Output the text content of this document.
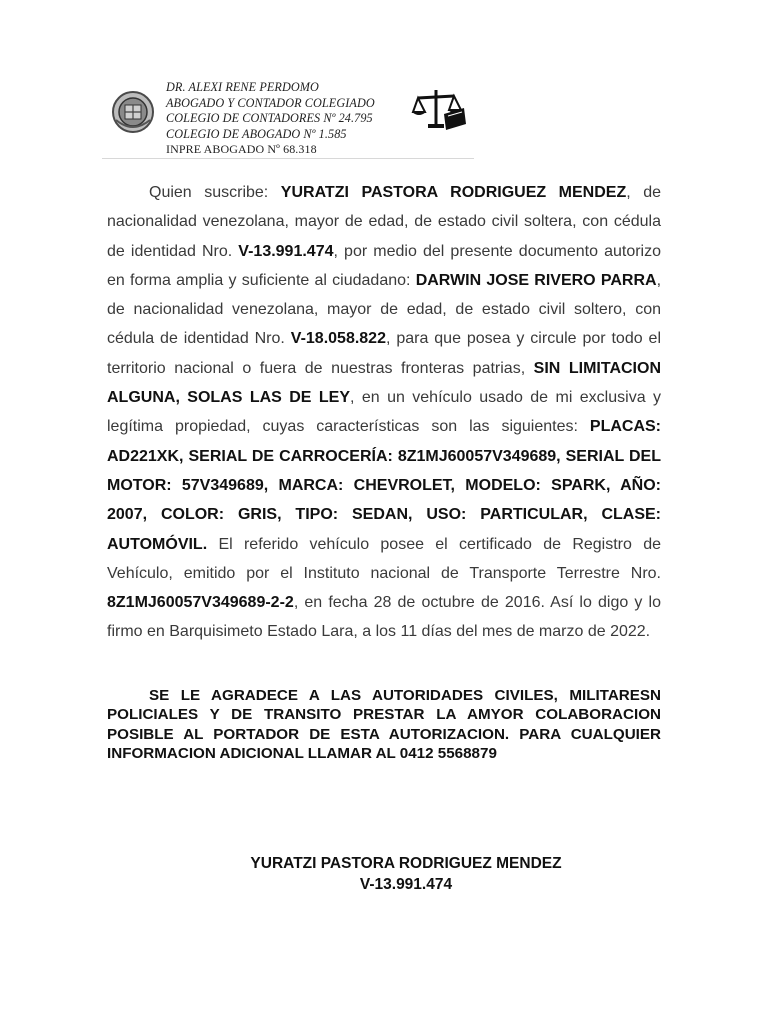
DR. ALEXI RENE PERDOMO
ABOGADO Y CONTADOR COLEGIADO
COLEGIO DE CONTADORES Nº 24.795
COLEGIO DE ABOGADO Nº 1.585
INPRE ABOGADO Nº 68.318

Quien suscribe: YURATZI PASTORA RODRIGUEZ MENDEZ, de nacionalidad venezolana, mayor de edad, de estado civil soltera, con cédula de identidad Nro. V-13.991.474, por medio del presente documento autorizo en forma amplia y suficiente al ciudadano: DARWIN JOSE RIVERO PARRA, de nacionalidad venezolana, mayor de edad, de estado civil soltero, con cédula de identidad Nro. V-18.058.822, para que posea y circule por todo el territorio nacional o fuera de nuestras fronteras patrias, SIN LIMITACION ALGUNA, SOLAS LAS DE LEY, en un vehículo usado de mi exclusiva y legítima propiedad, cuyas características son las siguientes: PLACAS: AD221XK, SERIAL DE CARROCERÍA: 8Z1MJ60057V349689, SERIAL DEL MOTOR: 57V349689, MARCA: CHEVROLET, MODELO: SPARK, AÑO: 2007, COLOR: GRIS, TIPO: SEDAN, USO: PARTICULAR, CLASE: AUTOMÓVIL. El referido vehículo posee el certificado de Registro de Vehículo, emitido por el Instituto nacional de Transporte Terrestre Nro. 8Z1MJ60057V349689-2-2, en fecha 28 de octubre de 2016. Así lo digo y lo firmo en Barquisimeto Estado Lara, a los 11 días del mes de marzo de 2022.

SE LE AGRADECE A LAS AUTORIDADES CIVILES, MILITARESN POLICIALES Y DE TRANSITO PRESTAR LA AMYOR COLABORACION POSIBLE AL PORTADOR DE ESTA AUTORIZACION. PARA CUALQUIER INFORMACION ADICIONAL LLAMAR AL 0412 5568879

YURATZI PASTORA RODRIGUEZ MENDEZ
V-13.991.474
